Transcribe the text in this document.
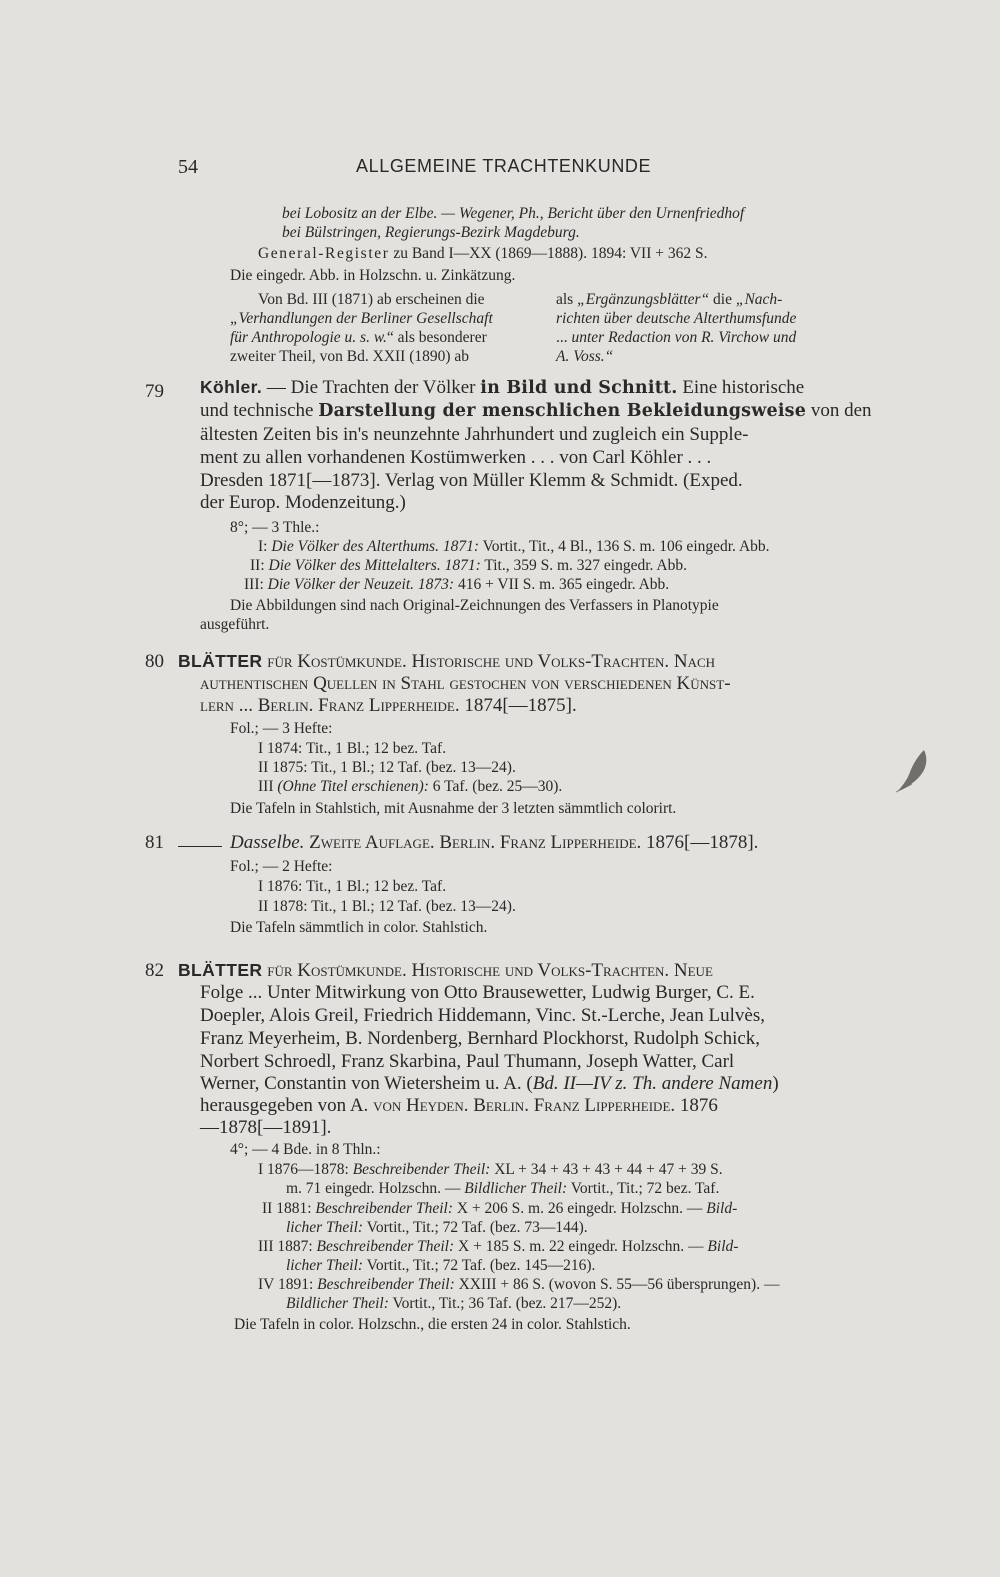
54	ALLGEMEINE TRACHTENKUNDE
bei Lobositz an der Elbe. — Wegener, Ph., Bericht über den Urnenfriedhof
bei Bülstringen, Regierungs-Bezirk Magdeburg.
General-Register zu Band I—XX (1869—1888). 1894: VII + 362 S.
Die eingedr. Abb. in Holzschn. u. Zinkätzung.
Von Bd. III (1871) ab erscheinen die
„Verhandlungen der Berliner Gesellschaft
für Anthropologie u. s. w.“ als besonderer
zweiter Theil, von Bd. XXII (1890) ab
als „Ergänzungsblätter“ die „Nach-
richten über deutsche Alterthumsfunde
... unter Redaction von R. Virchow und
A. Voss.“
79 Köhler. — Die Trachten der Völker in Bild und Schnitt. Eine historische
und technische Darstellung der menschlichen Bekleidungsweise von den
ältesten Zeiten bis in's neunzehnte Jahrhundert und zugleich ein Supple-
ment zu allen vorhandenen Kostümwerken . . . von Carl Köhler . . .
Dresden 1871[—1873]. Verlag von Müller Klemm & Schmidt. (Exped.
der Europ. Modenzeitung.)
8°; — 3 Thle.:
I: Die Völker des Alterthums. 1871: Vortit., Tit., 4 Bl., 136 S. m. 106 eingedr. Abb.
II: Die Völker des Mittelalters. 1871: Tit., 359 S. m. 327 eingedr. Abb.
III: Die Völker der Neuzeit. 1873: 416 + VII S. m. 365 eingedr. Abb.
Die Abbildungen sind nach Original-Zeichnungen des Verfassers in Planotypie
ausgeführt.
80 BLÄTTER für Kostümkunde. Historische und Volks-Trachten. Nach
authentischen Quellen in Stahl gestochen von verschiedenen Künst-
lern ... Berlin. Franz Lipperheide. 1874[—1875].
Fol.; — 3 Hefte:
I 1874: Tit., 1 Bl.; 12 bez. Taf.
II 1875: Tit., 1 Bl.; 12 Taf. (bez. 13—24).
III (Ohne Titel erschienen): 6 Taf. (bez. 25—30).
Die Tafeln in Stahlstich, mit Ausnahme der 3 letzten sämmtlich colorirt.
81	Dasselbe. Zweite Auflage. Berlin. Franz Lipperheide. 1876[—1878].
Fol.; — 2 Hefte:
I 1876: Tit., 1 Bl.; 12 bez. Taf.
II 1878: Tit., 1 Bl.; 12 Taf. (bez. 13—24).
Die Tafeln sämmtlich in color. Stahlstich.
82 BLÄTTER für Kostümkunde. Historische und Volks-Trachten. Neue
Folge ... Unter Mitwirkung von Otto Brausewetter, Ludwig Burger, C. E.
Doepler, Alois Greil, Friedrich Hiddemann, Vinc. St.-Lerche, Jean Lulvès,
Franz Meyerheim, B. Nordenberg, Bernhard Plockhorst, Rudolph Schick,
Norbert Schroedl, Franz Skarbina, Paul Thumann, Joseph Watter, Carl
Werner, Constantin von Wietersheim u. A. (Bd. II—IV z. Th. andere Namen)
herausgegeben von A. von Heyden. Berlin. Franz Lipperheide. 1876
—1878[—1891].
4°; — 4 Bde. in 8 Thln.:
I 1876—1878: Beschreibender Theil: XL + 34 + 43 + 43 + 44 + 47 + 39 S.
m. 71 eingedr. Holzschn. — Bildlicher Theil: Vortit., Tit.; 72 bez. Taf.
II 1881: Beschreibender Theil: X + 206 S. m. 26 eingedr. Holzschn. — Bild-
licher Theil: Vortit., Tit.; 72 Taf. (bez. 73—144).
III 1887: Beschreibender Theil: X + 185 S. m. 22 eingedr. Holzschn. — Bild-
licher Theil: Vortit., Tit.; 72 Taf. (bez. 145—216).
IV 1891: Beschreibender Theil: XXIII + 86 S. (wovon S. 55—56 übersprungen). —
Bildlicher Theil: Vortit., Tit.; 36 Taf. (bez. 217—252).
Die Tafeln in color. Holzschn., die ersten 24 in color. Stahlstich.
